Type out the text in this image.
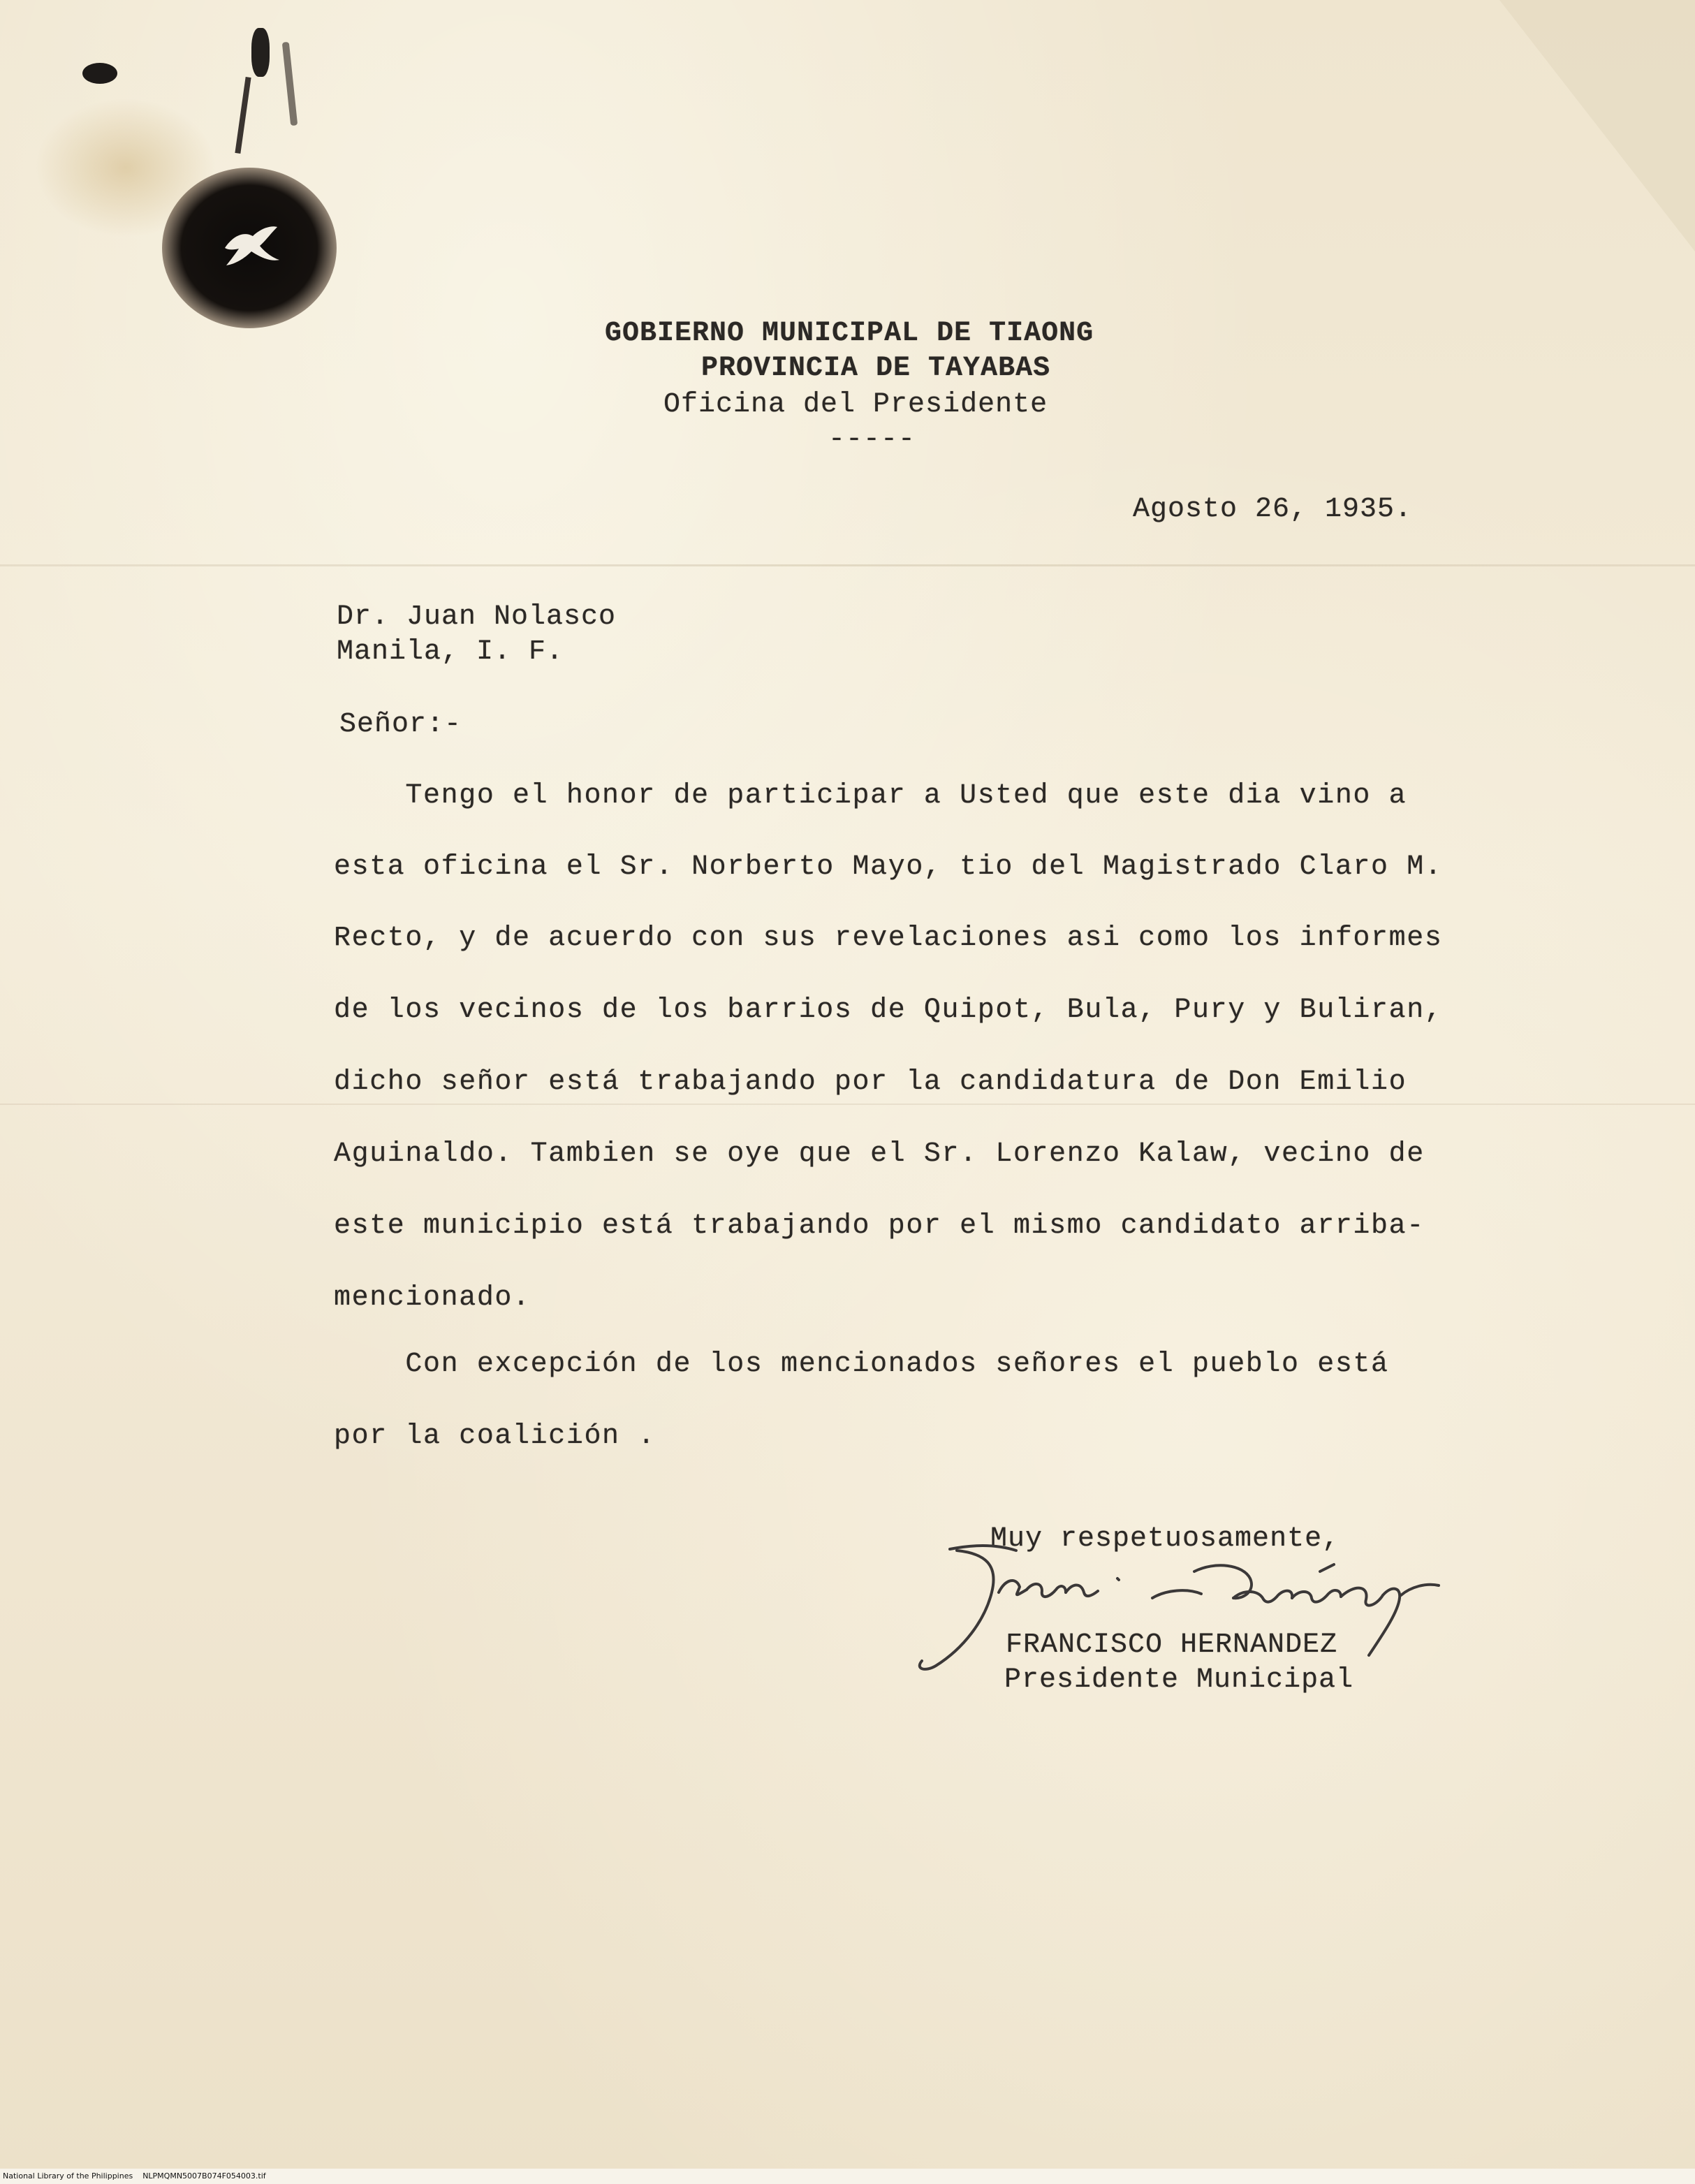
GOBIERNO MUNICIPAL DE TIAONG
PROVINCIA DE TAYABAS
Oficina del Presidente
-----
Agosto 26, 1935.
Dr. Juan Nolasco
Manila, I. F.
Señor:-
Tengo el honor de participar a Usted que este dia vino a
esta oficina el Sr. Norberto Mayo, tio del Magistrado Claro M.
Recto, y de acuerdo con sus revelaciones asi como los informes
de los vecinos de los barrios de Quipot, Bula, Pury y Buliran,
dicho señor está trabajando por la candidatura de Don Emilio
Aguinaldo. Tambien se oye que el Sr. Lorenzo Kalaw, vecino de
este municipio está trabajando por el mismo candidato arriba-
mencionado.
Con excepción de los mencionados señores el pueblo está
por la coalición .
Muy respetuosamente,
FRANCISCO HERNANDEZ
Presidente Municipal
National Library of the Philippines    NLPMQMN5007B074F054003.tif
